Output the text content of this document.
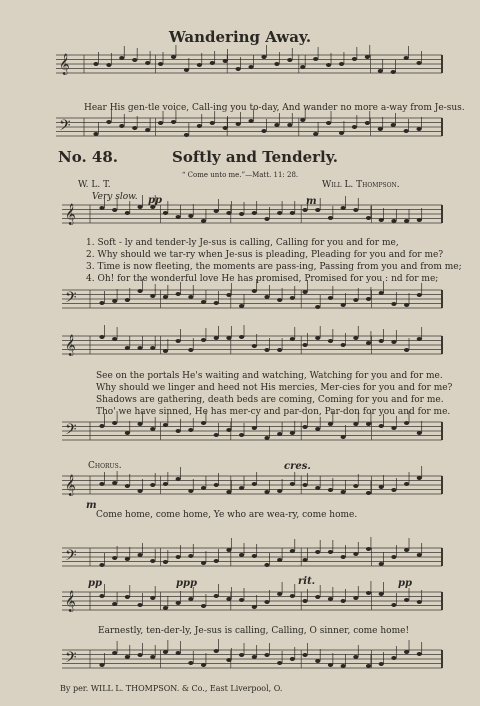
𝄞
𝄢
𝄞
𝄢
𝄞
𝄢
𝄞
𝄢
𝄞
𝄢
Wandering Away.
Hear His gen-tle voice, Call-ing you to-day, And wander no more a-way from Je-sus.
No. 48.	Softly and Tenderly.
“ Come unto me.”—Matt. 11: 28.
W. L. T.	Will L. Thompson.
Very slow. pp	m
1. Soft - ly and tender-ly Je-sus is calling, Calling for you and for me,
2. Why should we tar-ry when Je-sus is pleading, Pleading for you and for me?
3. Time is now fleeting, the moments are pass-ing, Passing from you and from me;
4. Oh! for the wonderful love He has promised, Promised for you : nd for me;
See on the portals He's waiting and watching, Watching for you and for me.
Why should we linger and heed not His mercies, Mer-cies for you and for me?
Shadows are gathering, death beds are coming, Coming for you and for me.
Tho' we have sinned, He has mer-cy and par-don, Par-don for you and for me.
Chorus.	cres.
m
Come home, come home, Ye who are wea-ry, come home.
pp	ppp	rit.	pp
Earnestly, ten-der-ly, Je-sus is calling, Calling, O sinner, come home!
By per. WILL L. THOMPSON. & Co., East Liverpool, O.
